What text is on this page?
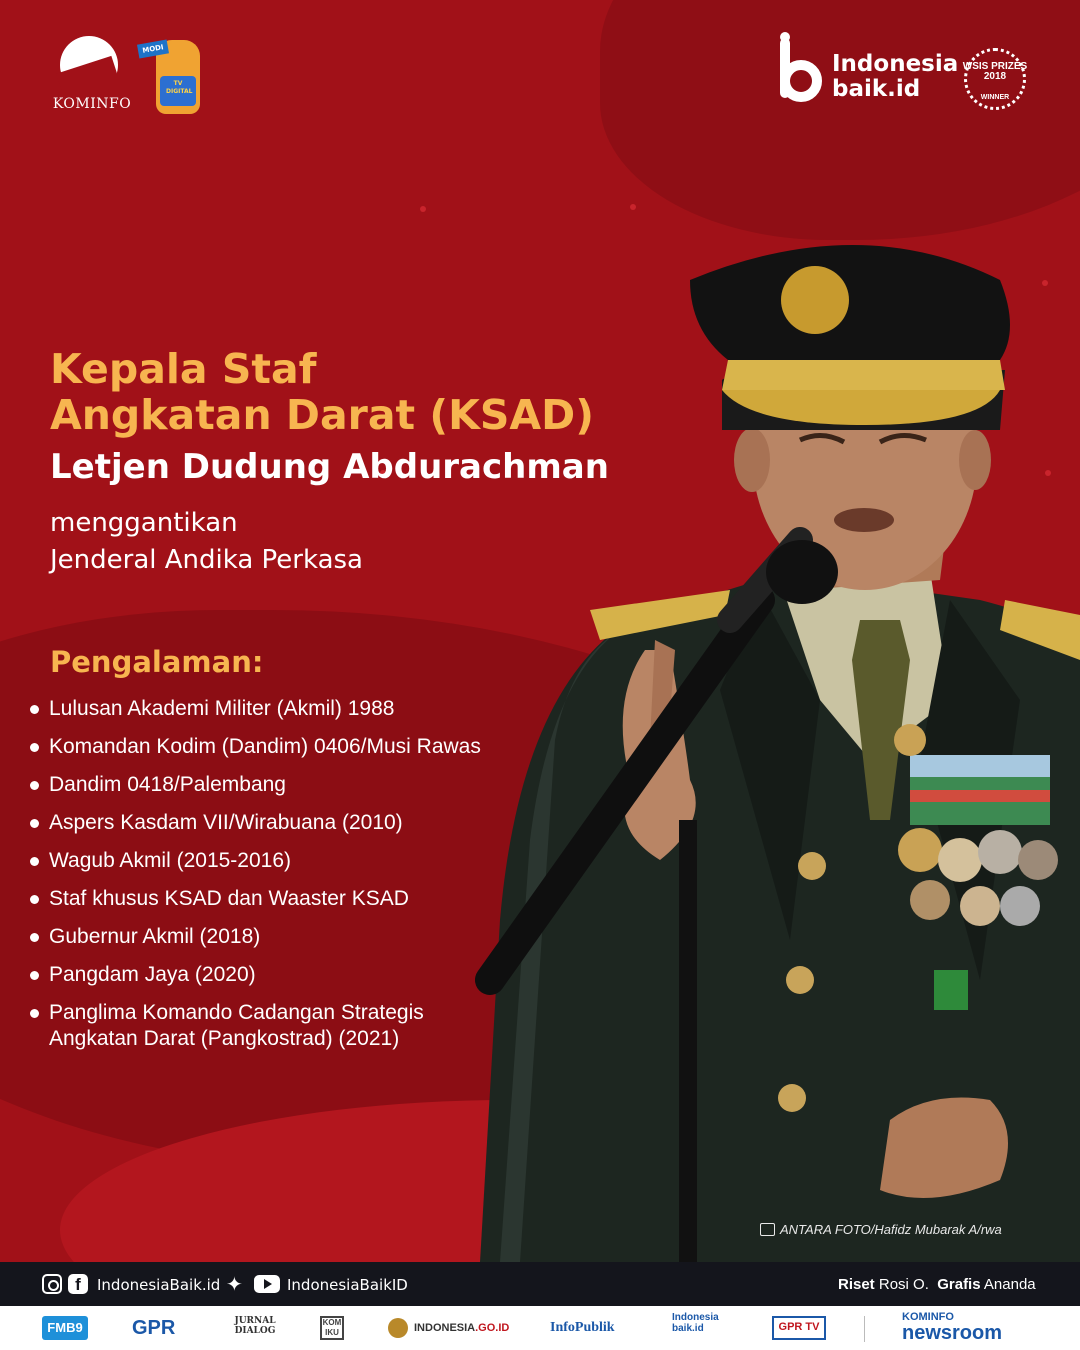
KOMINFO
TV DIGITAL
MODI
Indonesia
baik.id
WSIS PRIZES 2018
WINNER
Kepala Staf
Angkatan Darat (KSAD)
Letjen Dudung Abdurachman
menggantikan
Jenderal Andika Perkasa
Pengalaman:
Lulusan Akademi Militer (Akmil) 1988
Komandan Kodim (Dandim) 0406/Musi Rawas
Dandim 0418/Palembang
Aspers Kasdam VII/Wirabuana (2010)
Wagub Akmil (2015-2016)
Staf khusus KSAD dan Waaster KSAD
Gubernur Akmil (2018)
Pangdam Jaya (2020)
Panglima Komando Cadangan Strategis Angkatan Darat (Pangkostrad) (2021)
ANTARA FOTO/Hafidz Mubarak A/rwa
f	IndonesiaBaik.id ✦	IndonesiaBaikID	Riset Rosi O. Grafis Ananda
FMB9 GPR	JURNAL DIALOG
KOM IKU	INDONESIA.GO.ID	InfoPublik
Indonesia baik.id	GPR TV
KOMINFO
newsroom
